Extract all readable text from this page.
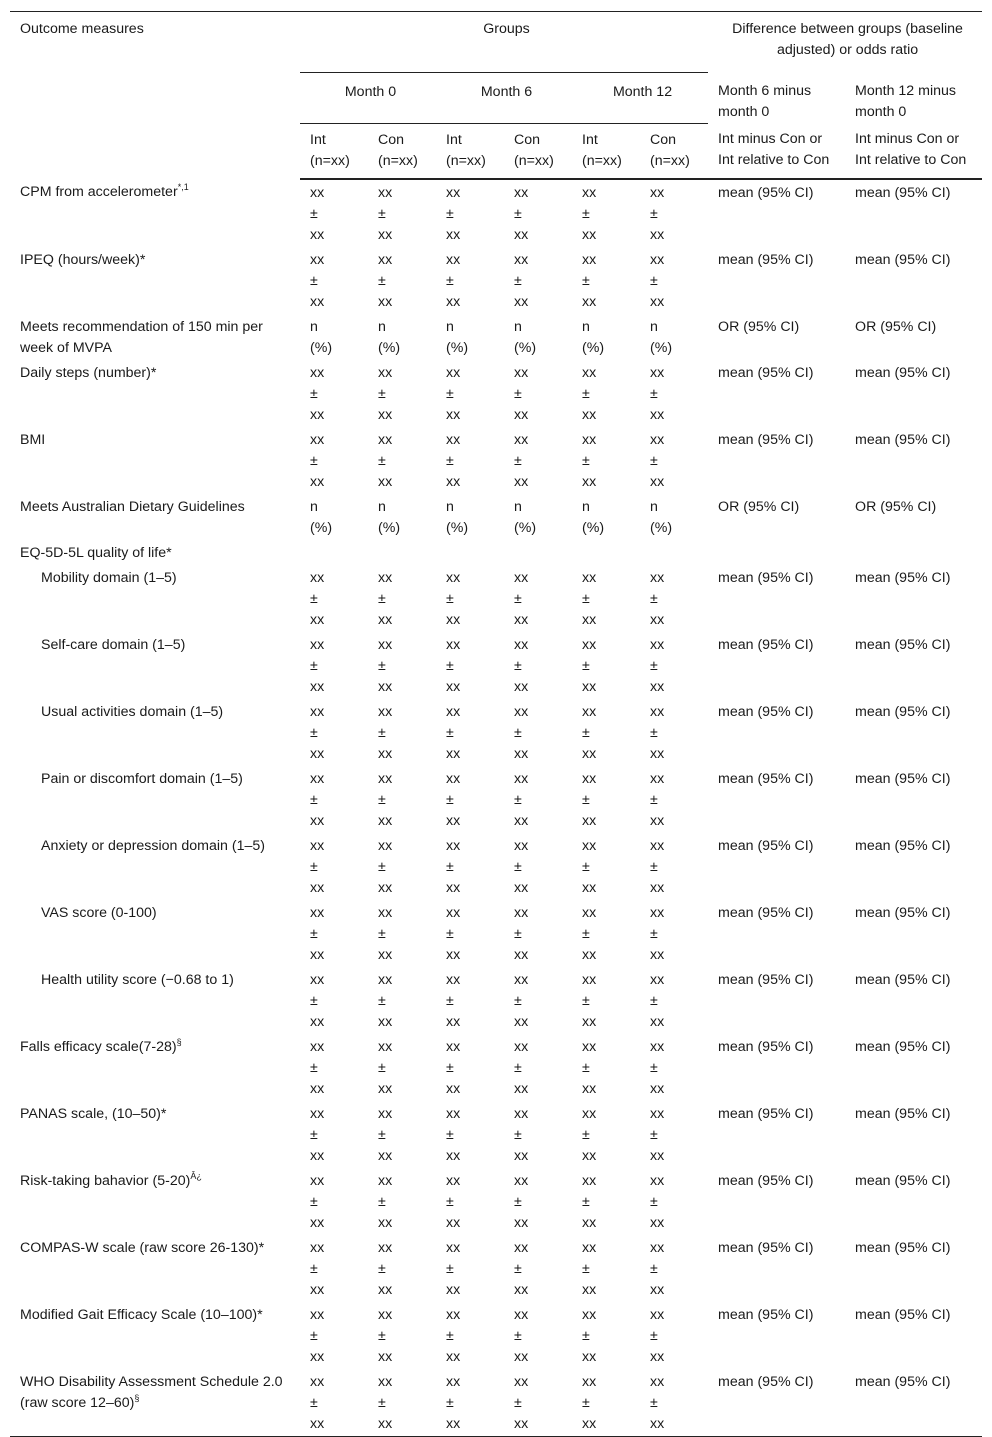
Outcome measures	Groups						Difference between groups (baseline adjusted) or odds ratio	
	Month 0		Month 6		Month 12		Month 6 minus month 0	Month 12 minus month 0
	Int (n=xx)	Con (n=xx)	Int (n=xx)	Con (n=xx)	Int (n=xx)	Con (n=xx)	Int minus Con or Int relative to Con	Int minus Con or Int relative to Con
CPM from accelerometer$^{*,1}$	xx
±
xx	xx
±
xx	xx
±
xx	xx
±
xx	xx
±
xx	xx
±
xx	mean (95% CI)	mean (95% CI)
IPEQ (hours/week)*	xx
±
xx	xx
±
xx	xx
±
xx	xx
±
xx	xx
±
xx	xx
±
xx	mean (95% CI)	mean (95% CI)
Meets recommendation of 150 min per week of MVPA	n
(%)	n
(%)	n
(%)	n
(%)	n
(%)	n
(%)	OR (95% CI)	OR (95% CI)
Daily steps (number)*	xx
±
xx	xx
±
xx	xx
±
xx	xx
±
xx	xx
±
xx	xx
±
xx	mean (95% CI)	mean (95% CI)
BMI	xx
±
xx	xx
±
xx	xx
±
xx	xx
±
xx	xx
±
xx	xx
±
xx	mean (95% CI)	mean (95% CI)
Meets Australian Dietary Guidelines	n
(%)	n
(%)	n
(%)	n
(%)	n
(%)	n
(%)	OR (95% CI)	OR (95% CI)
EQ-5D-5L quality of life*								
Mobility domain (1–5)	xx
±
xx	xx
±
xx	xx
±
xx	xx
±
xx	xx
±
xx	xx
±
xx	mean (95% CI)	mean (95% CI)
Self-care domain (1–5)	xx
±
xx	xx
±
xx	xx
±
xx	xx
±
xx	xx
±
xx	xx
±
xx	mean (95% CI)	mean (95% CI)
Usual activities domain (1–5)	xx
±
xx	xx
±
xx	xx
±
xx	xx
±
xx	xx
±
xx	xx
±
xx	mean (95% CI)	mean (95% CI)
Pain or discomfort domain (1–5)	xx
±
xx	xx
±
xx	xx
±
xx	xx
±
xx	xx
±
xx	xx
±
xx	mean (95% CI)	mean (95% CI)
Anxiety or depression domain (1–5)	xx
±
xx	xx
±
xx	xx
±
xx	xx
±
xx	xx
±
xx	xx
±
xx	mean (95% CI)	mean (95% CI)
VAS score (0-100)	xx
±
xx	xx
±
xx	xx
±
xx	xx
±
xx	xx
±
xx	xx
±
xx	mean (95% CI)	mean (95% CI)
Health utility score (−0.68 to 1)	xx
±
xx	xx
±
xx	xx
±
xx	xx
±
xx	xx
±
xx	xx
±
xx	mean (95% CI)	mean (95% CI)
Falls efficacy scale(7-28)§	xx
±
xx	xx
±
xx	xx
±
xx	xx
±
xx	xx
±
xx	xx
±
xx	mean (95% CI)	mean (95% CI)
PANAS scale, (10–50)*	xx
±
xx	xx
±
xx	xx
±
xx	xx
±
xx	xx
±
xx	xx
±
xx	mean (95% CI)	mean (95% CI)
Risk-taking bahavior $(5-20)^{Â¿}$	xx
±
xx	xx
±
xx	xx
±
xx	xx
±
xx	xx
±
xx	xx
±
xx	mean (95% CI)	mean (95% CI)
COMPAS-W scale (raw score 26-130)*	xx
±
xx	xx
±
xx	xx
±
xx	xx
±
xx	xx
±
xx	xx
±
xx	mean (95% CI)	mean (95% CI)
Modified Gait Efficacy Scale (10–100)*	xx
±
xx	xx
±
xx	xx
±
xx	xx
±
xx	xx
±
xx	xx
±
xx	mean (95% CI)	mean (95% CI)
WHO Disability Assessment Schedule 2.0 (raw score 12–60)§	xx
±
xx	xx
±
xx	xx
±
xx	xx
±
xx	xx
±
xx	xx
±
xx	mean (95% CI)	mean (95% CI)
